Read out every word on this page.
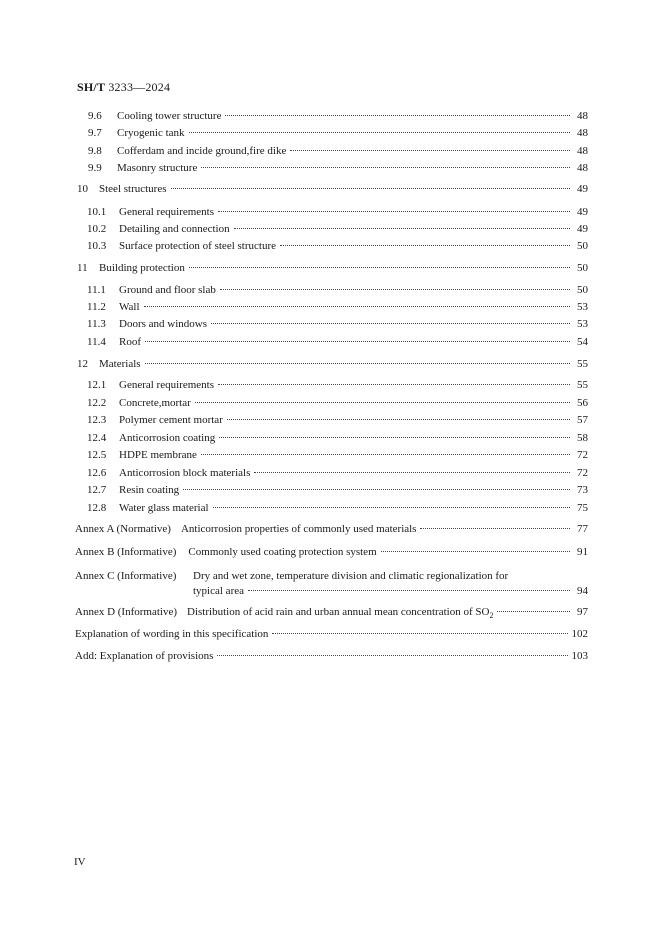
SH/T 3233—2024
9.6	Cooling tower structure	48
9.7	Cryogenic tank	48
9.8	Cofferdam and incide ground,fire dike	48
9.9	Masonry structure	48
10	Steel structures	49
10.1	General requirements	49
10.2	Detailing and connection	49
10.3	Surface protection of steel structure	50
11	Building protection	50
11.1	Ground and floor slab	50
11.2	Wall	53
11.3	Doors and windows	53
11.4	Roof	54
12	Materials	55
12.1	General requirements	55
12.2	Concrete,mortar	56
12.3	Polymer cement mortar	57
12.4	Anticorrosion coating	58
12.5	HDPE membrane	72
12.6	Anticorrosion block materials	72
12.7	Resin coating	73
12.8	Water glass material	75
Annex A (Normative) Anticorrosion properties of commonly used materials	77
Annex B (Informative) Commonly used coating protection system	91
Annex C (Informative) Dry and wet zone, temperature division and climatic regionalization for
typical area	94
Annex D (Informative) Distribution of acid rain and urban annual mean concentration of $SO_2$	97
Explanation of wording in this specification	102
Add: Explanation of provisions	103
IV
